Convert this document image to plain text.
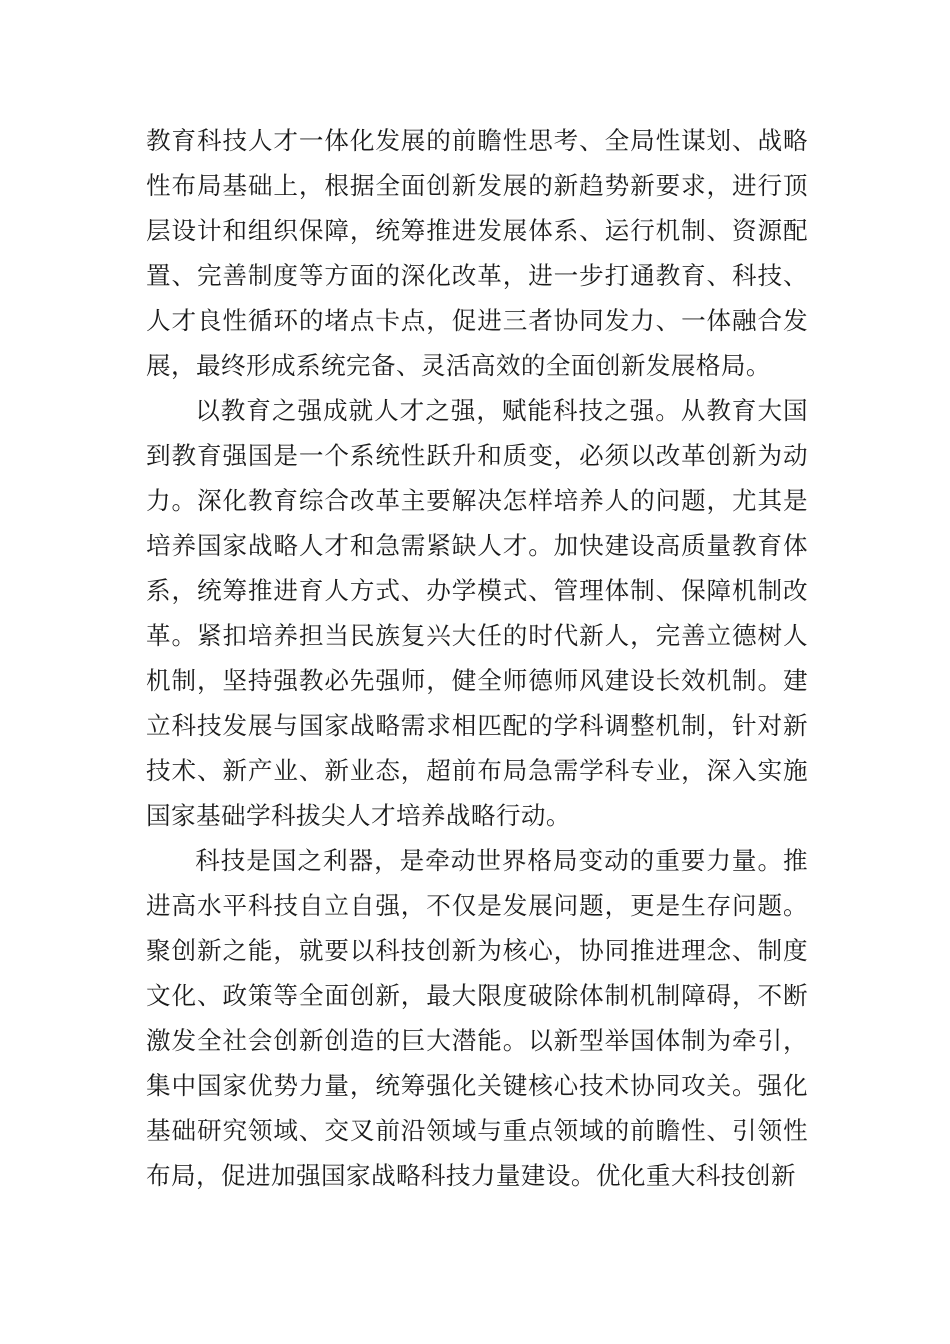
教育科技人才一体化发展的前瞻性思考、全局性谋划、战略性布局基础上，根据全面创新发展的新趋势新要求，进行顶层设计和组织保障，统筹推进发展体系、运行机制、资源配置、完善制度等方面的深化改革，进一步打通教育、科技、人才良性循环的堵点卡点，促进三者协同发力、一体融合发展，最终形成系统完备、灵活高效的全面创新发展格局。

以教育之强成就人才之强，赋能科技之强。从教育大国到教育强国是一个系统性跃升和质变，必须以改革创新为动力。深化教育综合改革主要解决怎样培养人的问题，尤其是培养国家战略人才和急需紧缺人才。加快建设高质量教育体系，统筹推进育人方式、办学模式、管理体制、保障机制改革。紧扣培养担当民族复兴大任的时代新人，完善立德树人机制，坚持强教必先强师，健全师德师风建设长效机制。建立科技发展与国家战略需求相匹配的学科调整机制，针对新技术、新产业、新业态，超前布局急需学科专业，深入实施国家基础学科拔尖人才培养战略行动。

科技是国之利器，是牵动世界格局变动的重要力量。推进高水平科技自立自强，不仅是发展问题，更是生存问题。聚创新之能，就要以科技创新为核心，协同推进理念、制度文化、政策等全面创新，最大限度破除体制机制障碍，不断激发全社会创新创造的巨大潜能。以新型举国体制为牵引，集中国家优势力量，统筹强化关键核心技术协同攻关。强化基础研究领域、交叉前沿领域与重点领域的前瞻性、引领性布局，促进加强国家战略科技力量建设。优化重大科技创新
